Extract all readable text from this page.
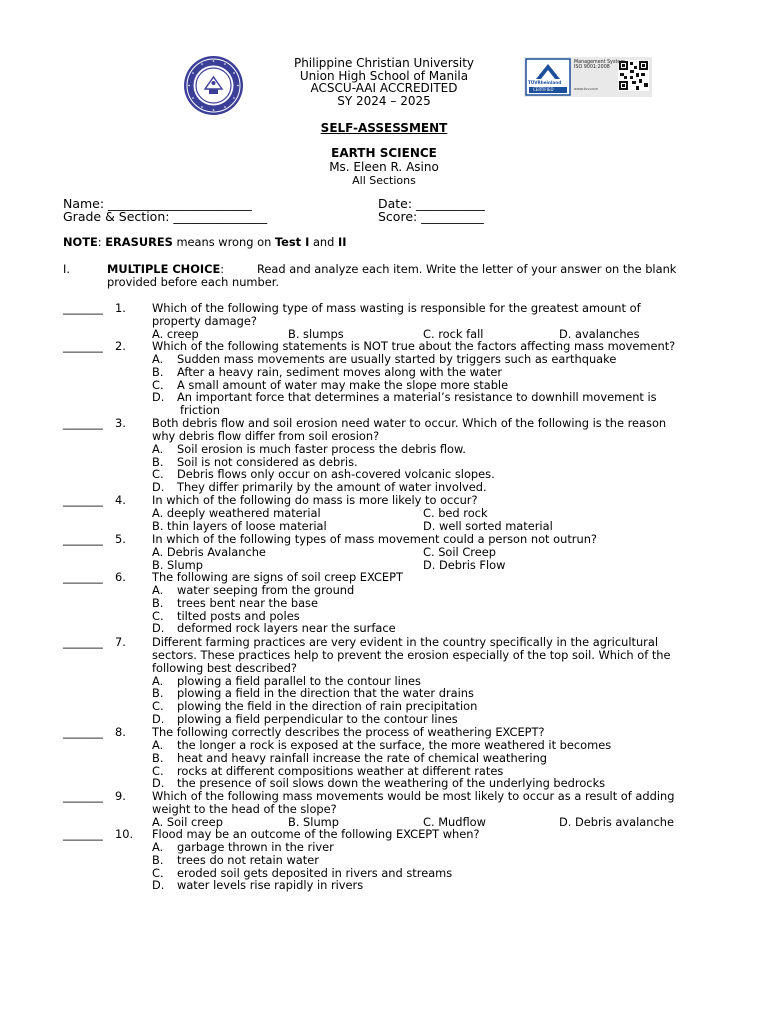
Management System
ISO 9001:2008
TÜVRheinland
CERTIFIED	www.tuv.com
Philippine Christian University
Union High School of Manila
ACSCU-AAI ACCREDITED
SY 2024 – 2025
SELF-ASSESSMENT
EARTH SCIENCE
Ms. Eleen R. Asino
All Sections
Name: _______________________	Date: ___________
Grade & Section: _______________	Score: __________
NOTE: ERASURES means wrong on Test I and II
I.	MULTIPLE CHOICE:	Read and analyze each item. Write the letter of your answer on the blank
provided before each number.
_______ 1. Which of the following type of mass wasting is responsible for the greatest amount of
property damage?
A. creep	B. slumps	C. rock fall	D. avalanches
_______ 2. Which of the following statements is NOT true about the factors affecting mass movement?
A. Sudden mass movements are usually started by triggers such as earthquake
B. After a heavy rain, sediment moves along with the water
C. A small amount of water may make the slope more stable
D. An important force that determines a material’s resistance to downhill movement is
friction
_______ 3. Both debris flow and soil erosion need water to occur. Which of the following is the reason
why debris flow differ from soil erosion?
A. Soil erosion is much faster process the debris flow.
B. Soil is not considered as debris.
C. Debris flows only occur on ash-covered volcanic slopes.
D. They differ primarily by the amount of water involved.
_______ 4. In which of the following do mass is more likely to occur?
A. deeply weathered material	C. bed rock
B. thin layers of loose material	D. well sorted material
_______ 5. In which of the following types of mass movement could a person not outrun?
A. Debris Avalanche	C. Soil Creep
B. Slump	D. Debris Flow
_______ 6. The following are signs of soil creep EXCEPT
A. water seeping from the ground
B. trees bent near the base
C. tilted posts and poles
D. deformed rock layers near the surface
_______ 7. Different farming practices are very evident in the country specifically in the agricultural
sectors. These practices help to prevent the erosion especially of the top soil. Which of the
following best described?
A. plowing a field parallel to the contour lines
B. plowing a field in the direction that the water drains
C. plowing the field in the direction of rain precipitation
D. plowing a field perpendicular to the contour lines
_______ 8. The following correctly describes the process of weathering EXCEPT?
A. the longer a rock is exposed at the surface, the more weathered it becomes
B. heat and heavy rainfall increase the rate of chemical weathering
C. rocks at different compositions weather at different rates
D. the presence of soil slows down the weathering of the underlying bedrocks
_______ 9. Which of the following mass movements would be most likely to occur as a result of adding
weight to the head of the slope?
A. Soil creep	B. Slump	C. Mudflow	D. Debris avalanche
_______ 10. Flood may be an outcome of the following EXCEPT when?
A. garbage thrown in the river
B. trees do not retain water
C. eroded soil gets deposited in rivers and streams
D. water levels rise rapidly in rivers
